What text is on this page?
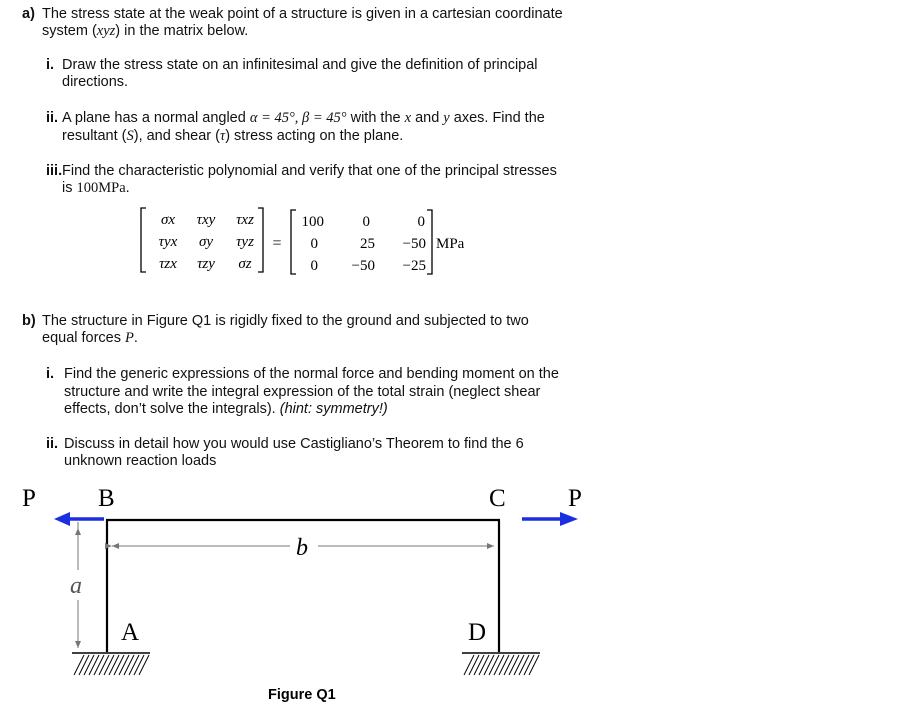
a) The stress state at the weak point of a structure is given in a cartesian coordinate
system (xyz) in the matrix below.
i. Draw the stress state on an infinitesimal and give the definition of principal
directions.
ii. A plane has a normal angled α = 45°, β = 45° with the x and y axes. Find the
resultant (S), and shear (τ) stress acting on the plane.
iii. Find the characteristic polynomial and verify that one of the principal stresses
is 100MPa.
σx τxy τxz
τyx σy τyz
τzx τzy σz
=
100	0	0
0	25 −50
0 −50 −25
MPa
b) The structure in Figure Q1 is rigidly fixed to the ground and subjected to two
equal forces P.
i. Find the generic expressions of the normal force and bending moment on the
structure and write the integral expression of the total strain (neglect shear
effects, don’t solve the integrals). (hint: symmetry!)
ii. Discuss in detail how you would use Castigliano’s Theorem to find the 6
unknown reaction loads
P B	C P
A	D
b
a
Figure Q1
